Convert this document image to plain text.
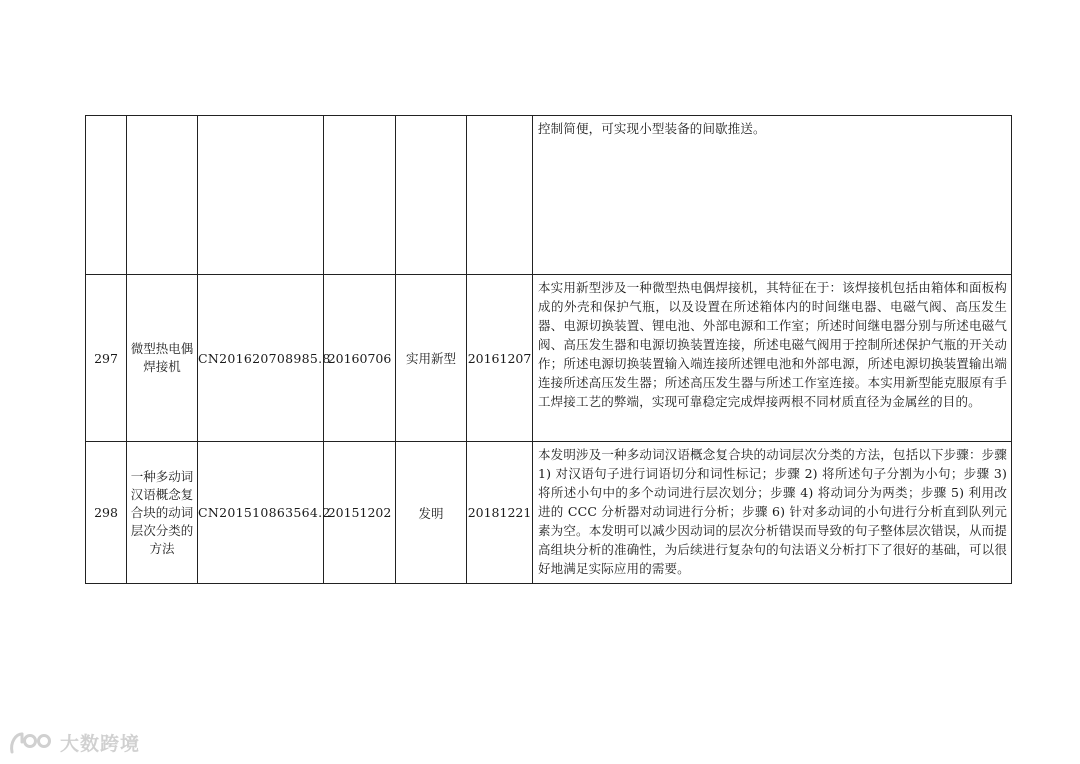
						控制简便，可实现小型装备的间歇推送。
297	微型热电偶焊接机	CN201620708985.8	20160706	实用新型	20161207	本实用新型涉及一种微型热电偶焊接机，其特征在于：该焊接机包括由箱体和面板构成的外壳和保护气瓶，以及设置在所述箱体内的时间继电器、电磁气阀、高压发生器、电源切换装置、锂电池、外部电源和工作室；所述时间继电器分别与所述电磁气阀、高压发生器和电源切换装置连接，所述电磁气阀用于控制所述保护气瓶的开关动作；所述电源切换装置输入端连接所述锂电池和外部电源，所述电源切换装置输出端连接所述高压发生器；所述高压发生器与所述工作室连接。本实用新型能克服原有手工焊接工艺的弊端，实现可靠稳定完成焊接两根不同材质直径为金属丝的目的。
298	一种多动词汉语概念复合块的动词层次分类的方法	CN201510863564.2	20151202	发明	20181221	本发明涉及一种多动词汉语概念复合块的动词层次分类的方法，包括以下步骤：步骤 1) 对汉语句子进行词语切分和词性标记；步骤 2) 将所述句子分割为小句；步骤 3) 将所述小句中的多个动词进行层次划分；步骤 4) 将动词分为两类；步骤 5) 利用改进的 CCC 分析器对动词进行分析；步骤 6) 针对多动词的小句进行分析直到队列元素为空。本发明可以减少因动词的层次分析错误而导致的句子整体层次错误，从而提高组块分析的准确性，为后续进行复杂句的句法语义分析打下了很好的基础，可以很好地满足实际应用的需要。
大数跨境
